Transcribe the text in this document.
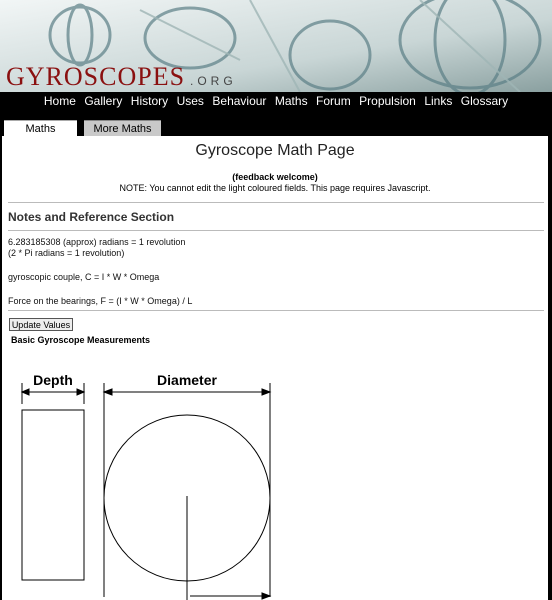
GYROSCOPES .ORG
Home Gallery History Uses Behaviour Maths Forum Propulsion Links Glossary
Maths	More Maths
Gyroscope Math Page
(feedback welcome)
NOTE: You cannot edit the light coloured fields. This page requires Javascript.
Notes and Reference Section
6.283185308 (approx) radians = 1 revolution
(2 * Pi radians = 1 revolution)
gyroscopic couple, C = I * W * Omega
Force on the bearings, F = (I * W * Omega) / L
Update Values
Basic Gyroscope Measurements
Depth	Diameter
